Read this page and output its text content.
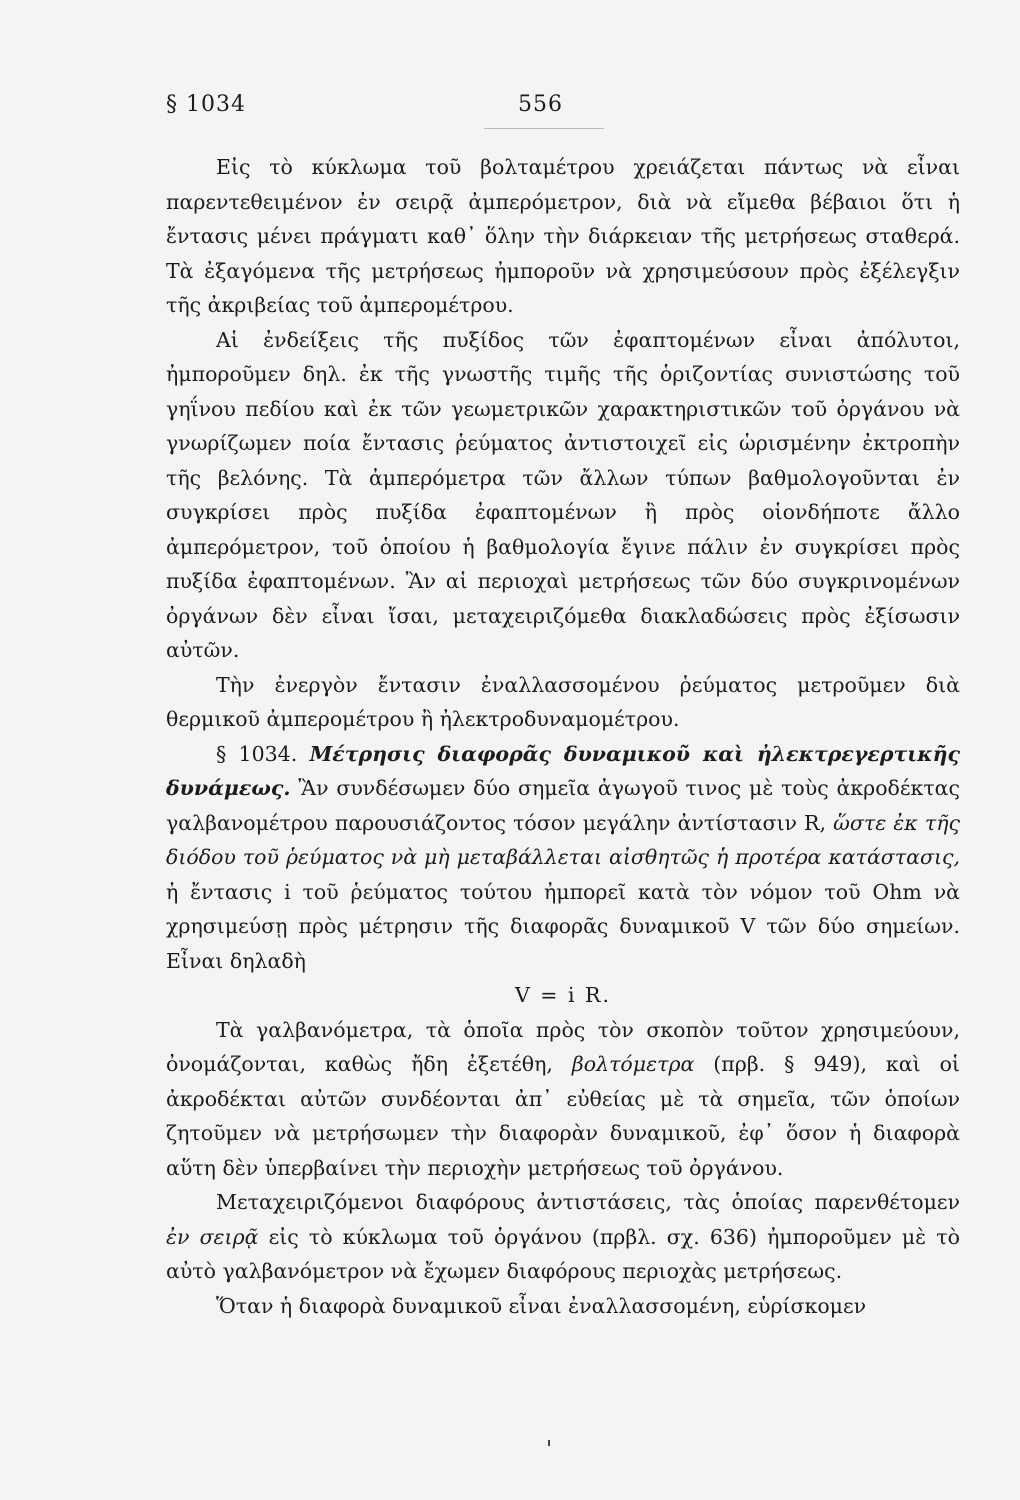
§ 1034	556

Εἰς τὸ κύκλωμα τοῦ βολταμέτρου χρειάζεται πάντως νὰ εἶναι παρεντεθειμένον ἐν σειρᾷ ἀμπερόμετρον, διὰ νὰ εἴμεθα βέβαιοι ὅτι ἡ ἔντασις μένει πράγματι καθ᾽ ὅλην τὴν διάρκειαν τῆς μετρήσεως σταθερά. Τὰ ἐξαγόμενα τῆς μετρήσεως ἠμποροῦν νὰ χρησιμεύσουν πρὸς ἐξέλεγξιν τῆς ἀκριβείας τοῦ ἀμπερομέτρου.

Αἱ ἐνδείξεις τῆς πυξίδος τῶν ἐφαπτομένων εἶναι ἀπόλυτοι, ἠμποροῦμεν δηλ. ἐκ τῆς γνωστῆς τιμῆς τῆς ὁριζοντίας συνιστώσης τοῦ γηΐνου πεδίου καὶ ἐκ τῶν γεωμετρικῶν χαρακτηριστικῶν τοῦ ὀργάνου νὰ γνωρίζωμεν ποία ἔντασις ῥεύματος ἀντιστοιχεῖ εἰς ὡρισμένην ἐκτροπὴν τῆς βελόνης. Τὰ ἀμπερόμετρα τῶν ἄλλων τύπων βαθμολογοῦνται ἐν συγκρίσει πρὸς πυξίδα ἐφαπτομένων ἢ πρὸς οἱονδήποτε ἄλλο ἀμπερόμετρον, τοῦ ὁποίου ἡ βαθμολογία ἔγινε πάλιν ἐν συγκρίσει πρὸς πυξίδα ἐφαπτομένων. Ἂν αἱ περιοχαὶ μετρήσεως τῶν δύο συγκρινομένων ὀργάνων δὲν εἶναι ἴσαι, μεταχειριζόμεθα διακλαδώσεις πρὸς ἐξίσωσιν αὐτῶν.

Τὴν ἐνεργὸν ἔντασιν ἐναλλασσομένου ῥεύματος μετροῦμεν διὰ θερμικοῦ ἀμπερομέτρου ἢ ἠλεκτροδυναμομέτρου.

§ 1034. Μέτρησις διαφορᾶς δυναμικοῦ καὶ ἠλεκτρεγερτικῆς δυνάμεως. Ἂν συνδέσωμεν δύο σημεῖα ἀγωγοῦ τινος μὲ τοὺς ἀκροδέκτας γαλβανομέτρου παρουσιάζοντος τόσον μεγάλην ἀντίστασιν R, ὥστε ἐκ τῆς διόδου τοῦ ῥεύματος νὰ μὴ μεταβάλλεται αἰσθητῶς ἡ προτέρα κατάστασις, ἡ ἔντασις i τοῦ ῥεύματος τούτου ἠμπορεῖ κατὰ τὸν νόμον τοῦ Ohm νὰ χρησιμεύσῃ πρὸς μέτρησιν τῆς διαφορᾶς δυναμικοῦ V τῶν δύο σημείων. Εἶναι δηλαδὴ

V = i R.

Τὰ γαλβανόμετρα, τὰ ὁποῖα πρὸς τὸν σκοπὸν τοῦτον χρησιμεύουν, ὀνομάζονται, καθὼς ἤδη ἐξετέθη, βολτόμετρα (πρβ. § 949), καὶ οἱ ἀκροδέκται αὐτῶν συνδέονται ἀπ᾽ εὐθείας μὲ τὰ σημεῖα, τῶν ὁποίων ζητοῦμεν νὰ μετρήσωμεν τὴν διαφορὰν δυναμικοῦ, ἐφ᾽ ὅσον ἡ διαφορὰ αὕτη δὲν ὑπερβαίνει τὴν περιοχὴν μετρήσεως τοῦ ὀργάνου.

Μεταχειριζόμενοι διαφόρους ἀντιστάσεις, τὰς ὁποίας παρενθέτομεν ἐν σειρᾷ εἰς τὸ κύκλωμα τοῦ ὀργάνου (πρβλ. σχ. 636) ἠμποροῦμεν μὲ τὸ αὐτὸ γαλβανόμετρον νὰ ἔχωμεν διαφόρους περιοχὰς μετρήσεως.

Ὅταν ἡ διαφορὰ δυναμικοῦ εἶναι ἐναλλασσομένη, εὑρίσκομεν
